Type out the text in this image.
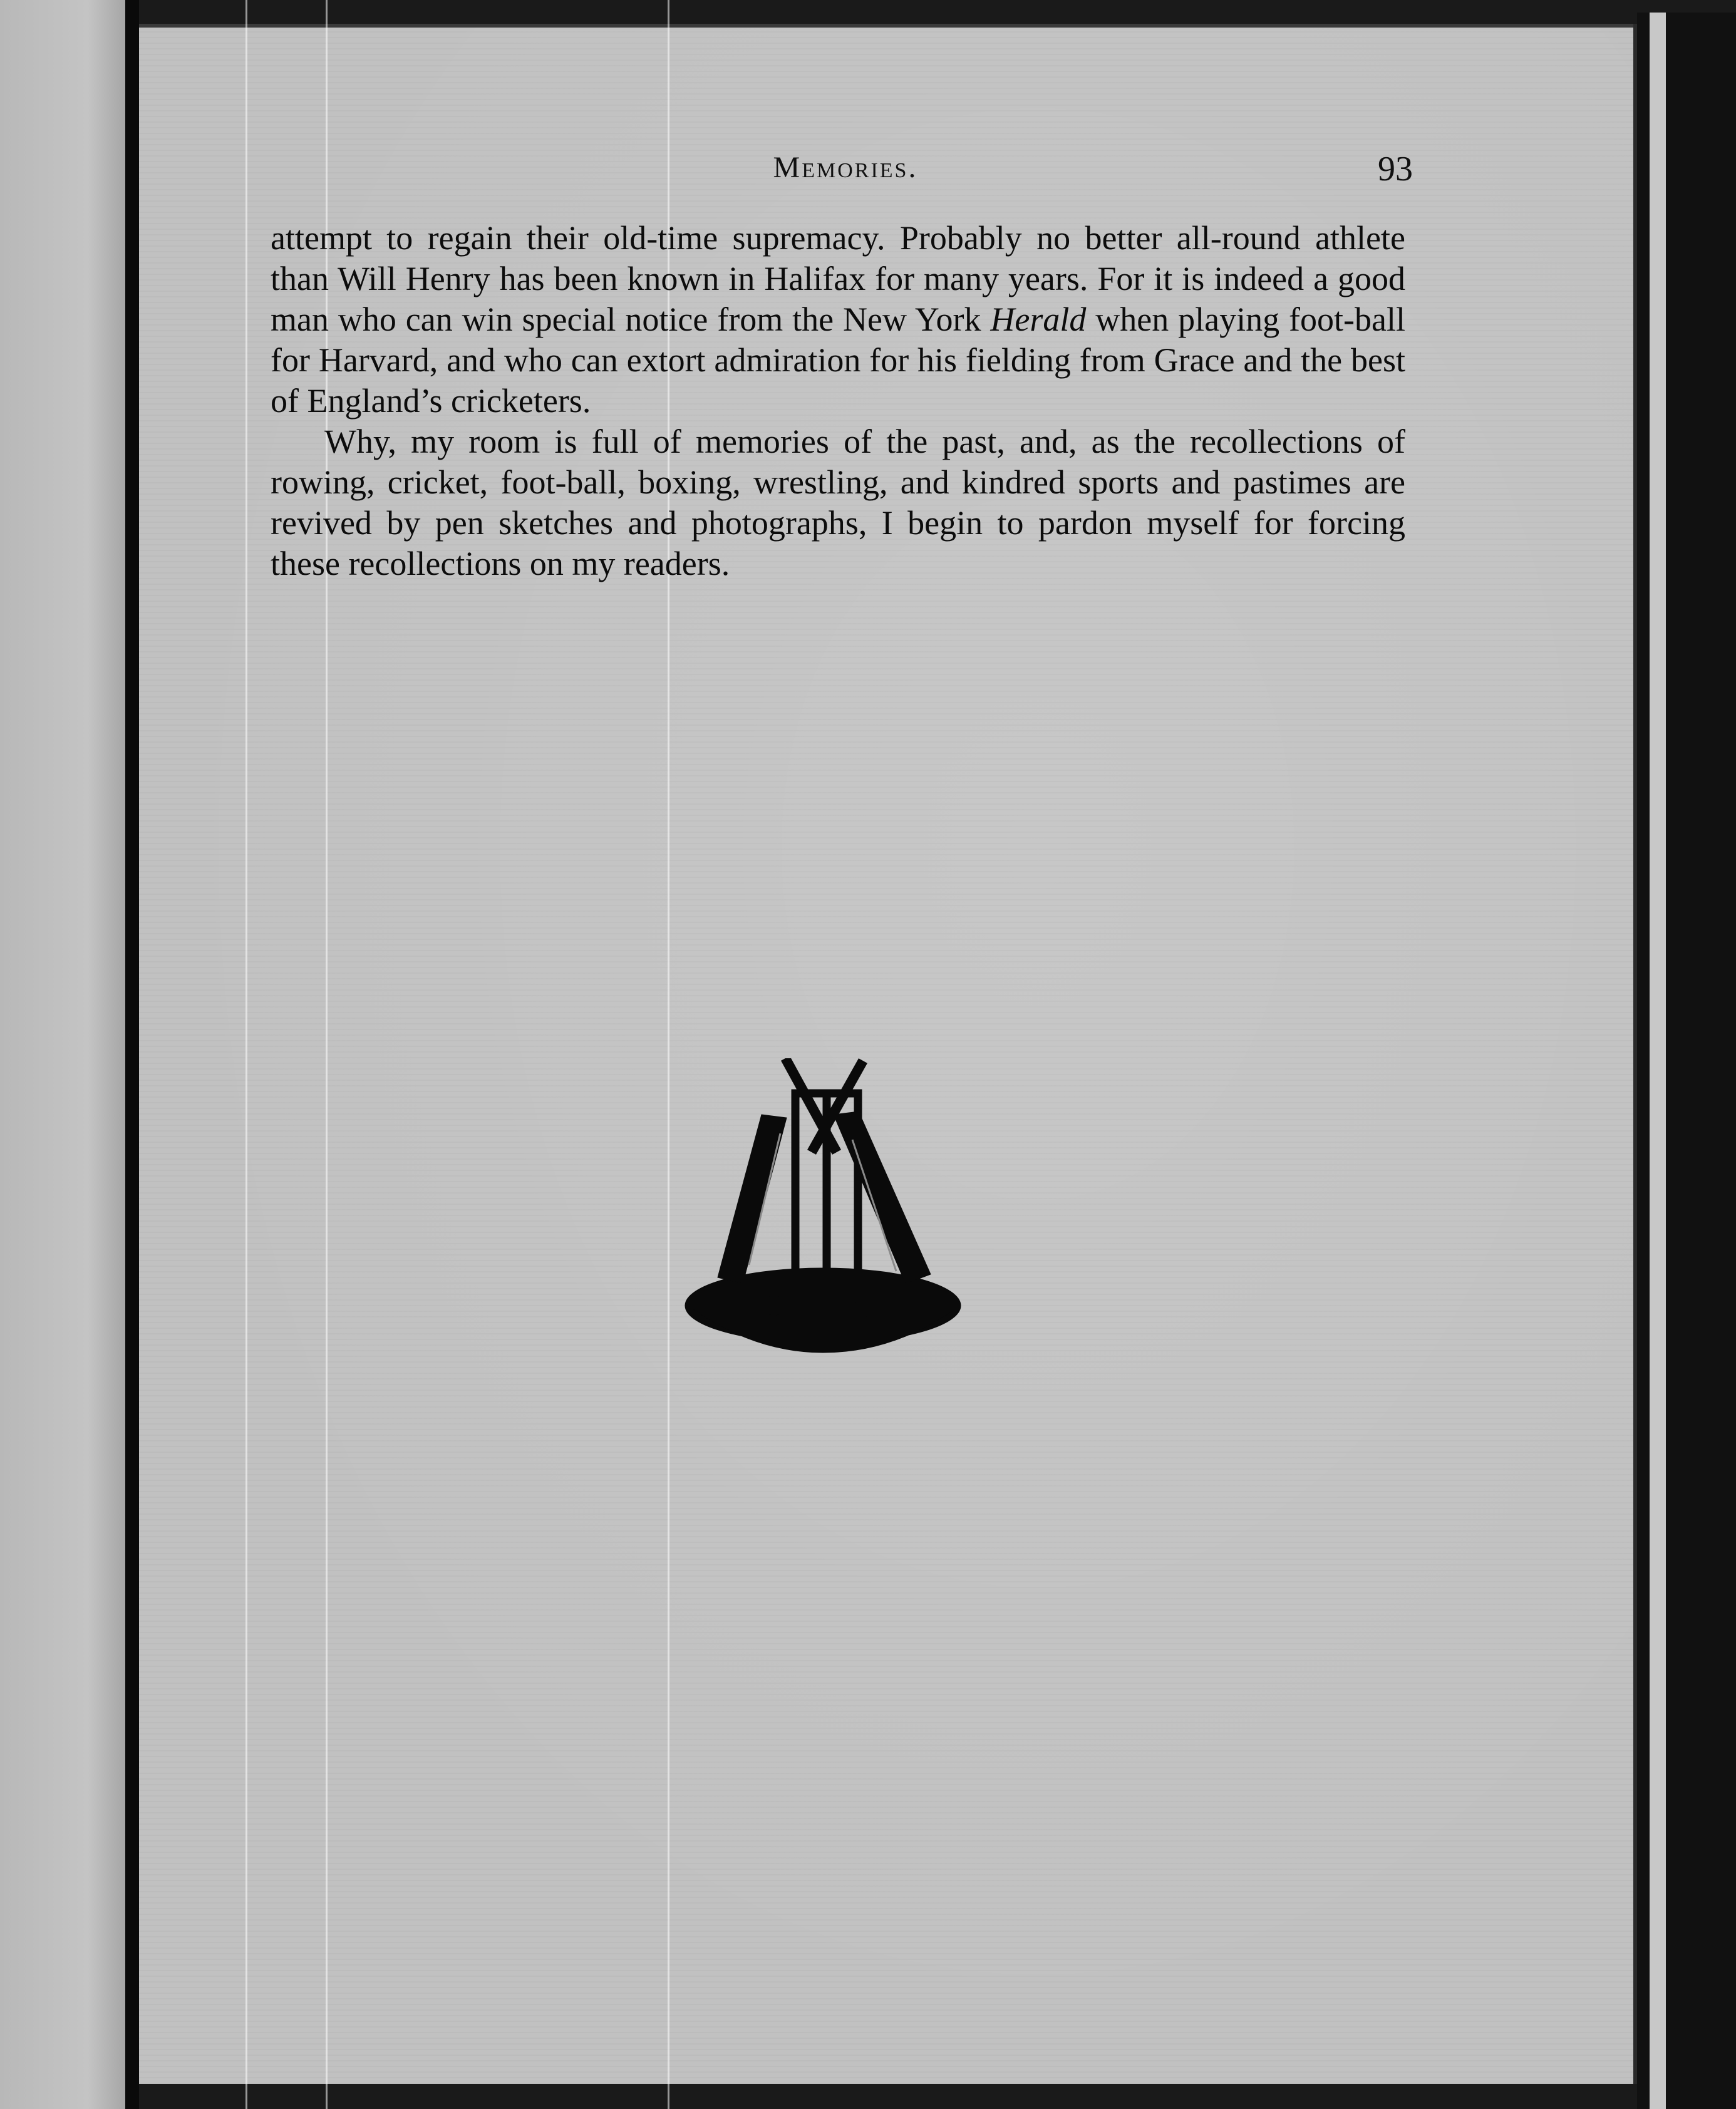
Memories.	93

attempt to regain their old-time supremacy. Probably no better all-round athlete than Will Henry has been known in Halifax for many years. For it is indeed a good man who can win special notice from the New York Herald when playing foot-ball for Harvard, and who can extort admiration for his fielding from Grace and the best of England’s cricketers.

Why, my room is full of memories of the past, and, as the recollections of rowing, cricket, foot-ball, boxing, wrestling, and kindred sports and pastimes are revived by pen sketches and photographs, I begin to pardon myself for forcing these recollections on my readers.
